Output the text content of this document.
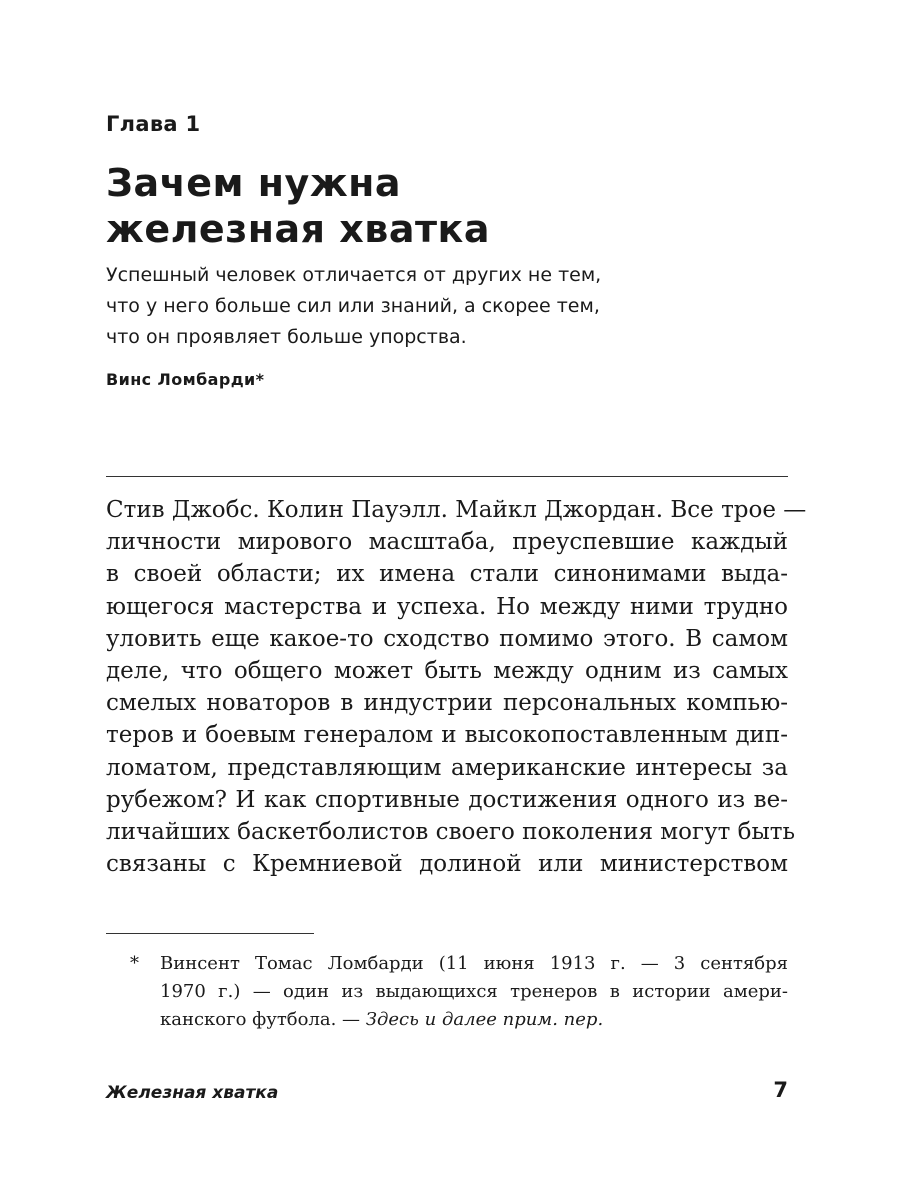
Глава 1

Зачем нужна
железная хватка
Успешный человек отличается от других не тем,
что у него больше сил или знаний, а скорее тем,
что он проявляет больше упорства.

Винс Ломбарди*

Стив Джобс. Колин Пауэлл. Майкл Джордан. Все трое —
личности мирового масштаба, преуспевшие каждый
в своей области; их имена стали синонимами выда-
ющегося мастерства и успеха. Но между ними трудно
уловить еще какое-то сходство помимо этого. В самом
деле, что общего может быть между одним из самых
смелых новаторов в индустрии персональных компью-
теров и боевым генералом и высокопоставленным дип-
ломатом, представляющим американские интересы за
рубежом? И как спортивные достижения одного из ве-
личайших баскетболистов своего поколения могут быть
связаны с Кремниевой долиной или министерством
* Винсент Томас Ломбарди (11 июня 1913 г. — 3 сентября
1970 г.) — один из выдающихся тренеров в истории амери-
канского футбола. — Здесь и далее прим. пер.

Железная хватка	7
